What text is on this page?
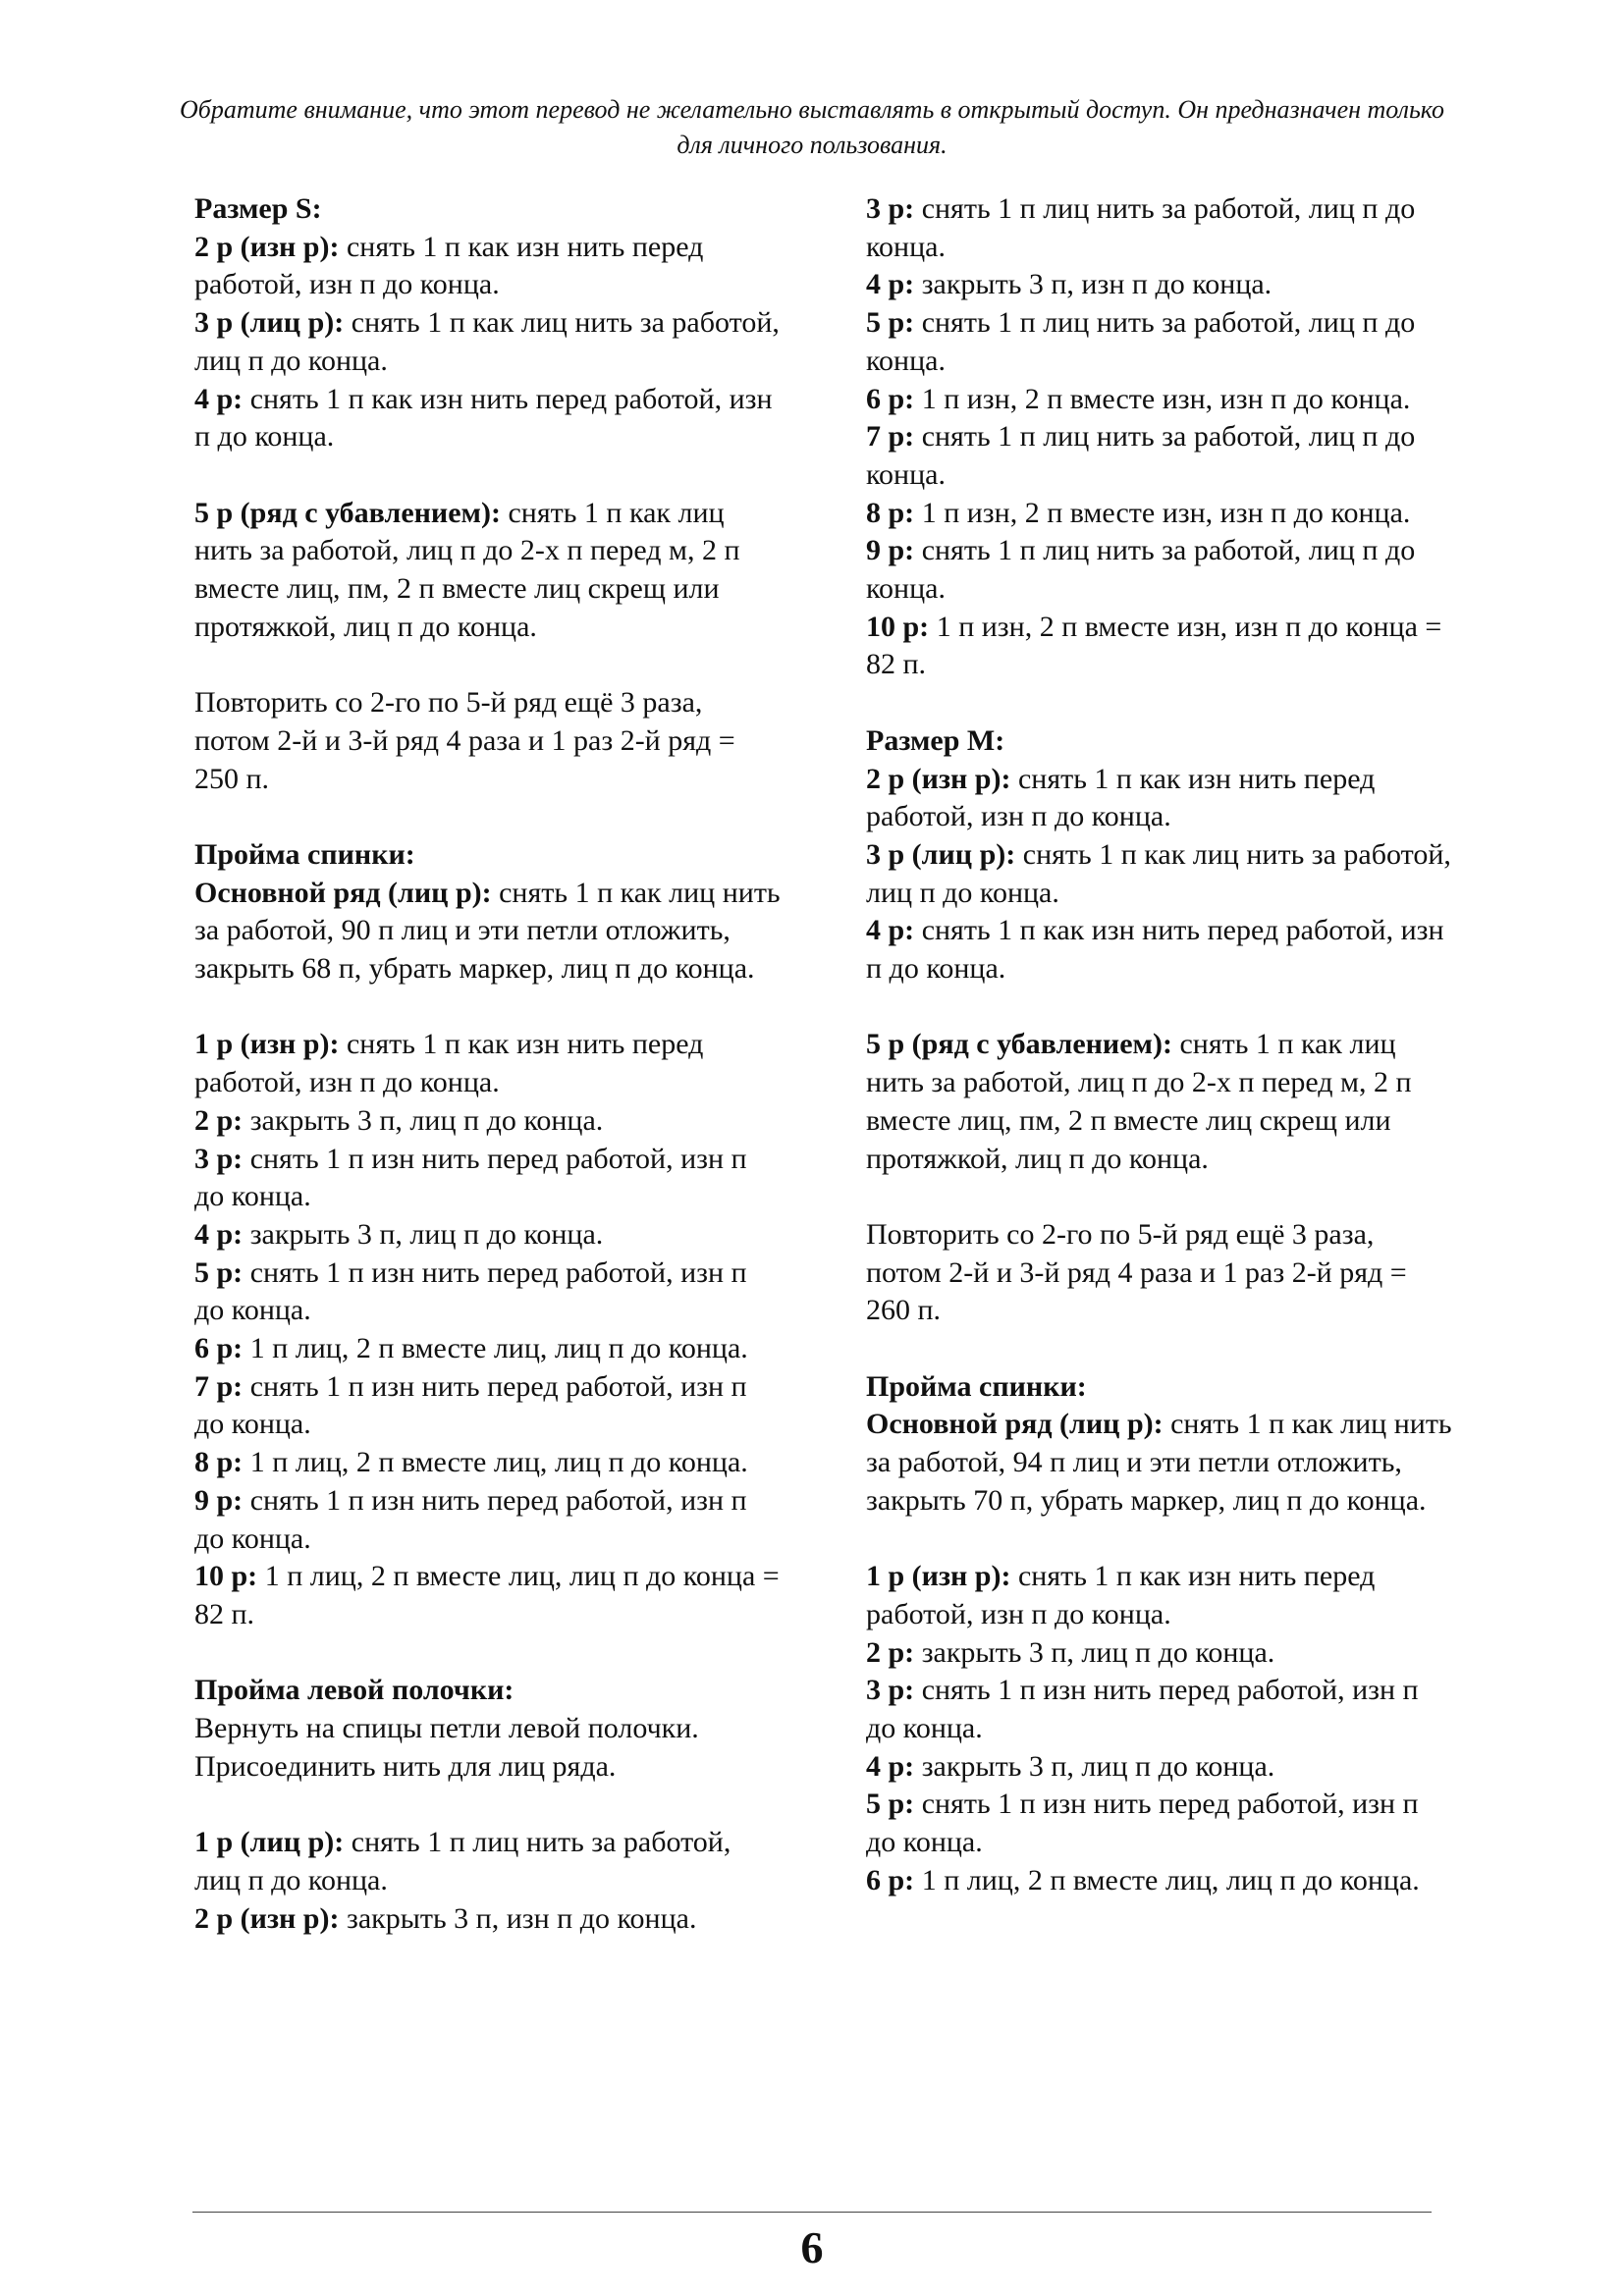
Обратите внимание, что этот перевод не желательно выставлять в открытый доступ. Он предназначен только для личного пользования.

Размер S:

2 р (изн р): снять 1 п как изн нить перед работой, изн п до конца.

3 р (лиц р): снять 1 п как лиц нить за работой, лиц п до конца.

4 р: снять 1 п как изн нить перед работой, изн п до конца.

5 р (ряд с убавлением): снять 1 п как лиц нить за работой, лиц п до 2-х п перед м, 2 п вместе лиц, пм, 2 п вместе лиц скрещ или протяжкой, лиц п до конца.

Повторить со 2-го по 5-й ряд ещё 3 раза, потом 2-й и 3-й ряд 4 раза и 1 раз 2-й ряд = 250 п.

Пройма спинки:

Основной ряд (лиц р): снять 1 п как лиц нить за работой, 90 п лиц и эти петли отложить, закрыть 68 п, убрать маркер, лиц п до конца.

1 р (изн р): снять 1 п как изн нить перед работой, изн п до конца.

2 р: закрыть 3 п, лиц п до конца.

3 р: снять 1 п изн нить перед работой, изн п до конца.

4 р: закрыть 3 п, лиц п до конца.

5 р: снять 1 п изн нить перед работой, изн п до конца.

6 р: 1 п лиц, 2 п вместе лиц, лиц п до конца.

7 р: снять 1 п изн нить перед работой, изн п до конца.

8 р: 1 п лиц, 2 п вместе лиц, лиц п до конца.

9 р: снять 1 п изн нить перед работой, изн п до конца.

10 р: 1 п лиц, 2 п вместе лиц, лиц п до конца = 82 п.

Пройма левой полочки:

Вернуть на спицы петли левой полочки.

Присоединить нить для лиц ряда.

1 р (лиц р): снять 1 п лиц нить за работой, лиц п до конца.

2 р (изн р): закрыть 3 п, изн п до конца.

3 р: снять 1 п лиц нить за работой, лиц п до конца.

4 р: закрыть 3 п, изн п до конца.

5 р: снять 1 п лиц нить за работой, лиц п до конца.

6 р: 1 п изн, 2 п вместе изн, изн п до конца.

7 р: снять 1 п лиц нить за работой, лиц п до конца.

8 р: 1 п изн, 2 п вместе изн, изн п до конца.

9 р: снять 1 п лиц нить за работой, лиц п до конца.

10 р: 1 п изн, 2 п вместе изн, изн п до конца = 82 п.

Размер M:

2 р (изн р): снять 1 п как изн нить перед работой, изн п до конца.

3 р (лиц р): снять 1 п как лиц нить за работой, лиц п до конца.

4 р: снять 1 п как изн нить перед работой, изн п до конца.

5 р (ряд с убавлением): снять 1 п как лиц нить за работой, лиц п до 2-х п перед м, 2 п вместе лиц, пм, 2 п вместе лиц скрещ или протяжкой, лиц п до конца.

Повторить со 2-го по 5-й ряд ещё 3 раза, потом 2-й и 3-й ряд 4 раза и 1 раз 2-й ряд = 260 п.

Пройма спинки:

Основной ряд (лиц р): снять 1 п как лиц нить за работой, 94 п лиц и эти петли отложить, закрыть 70 п, убрать маркер, лиц п до конца.

1 р (изн р): снять 1 п как изн нить перед работой, изн п до конца.

2 р: закрыть 3 п, лиц п до конца.

3 р: снять 1 п изн нить перед работой, изн п до конца.

4 р: закрыть 3 п, лиц п до конца.

5 р: снять 1 п изн нить перед работой, изн п до конца.

6 р: 1 п лиц, 2 п вместе лиц, лиц п до конца.

6
